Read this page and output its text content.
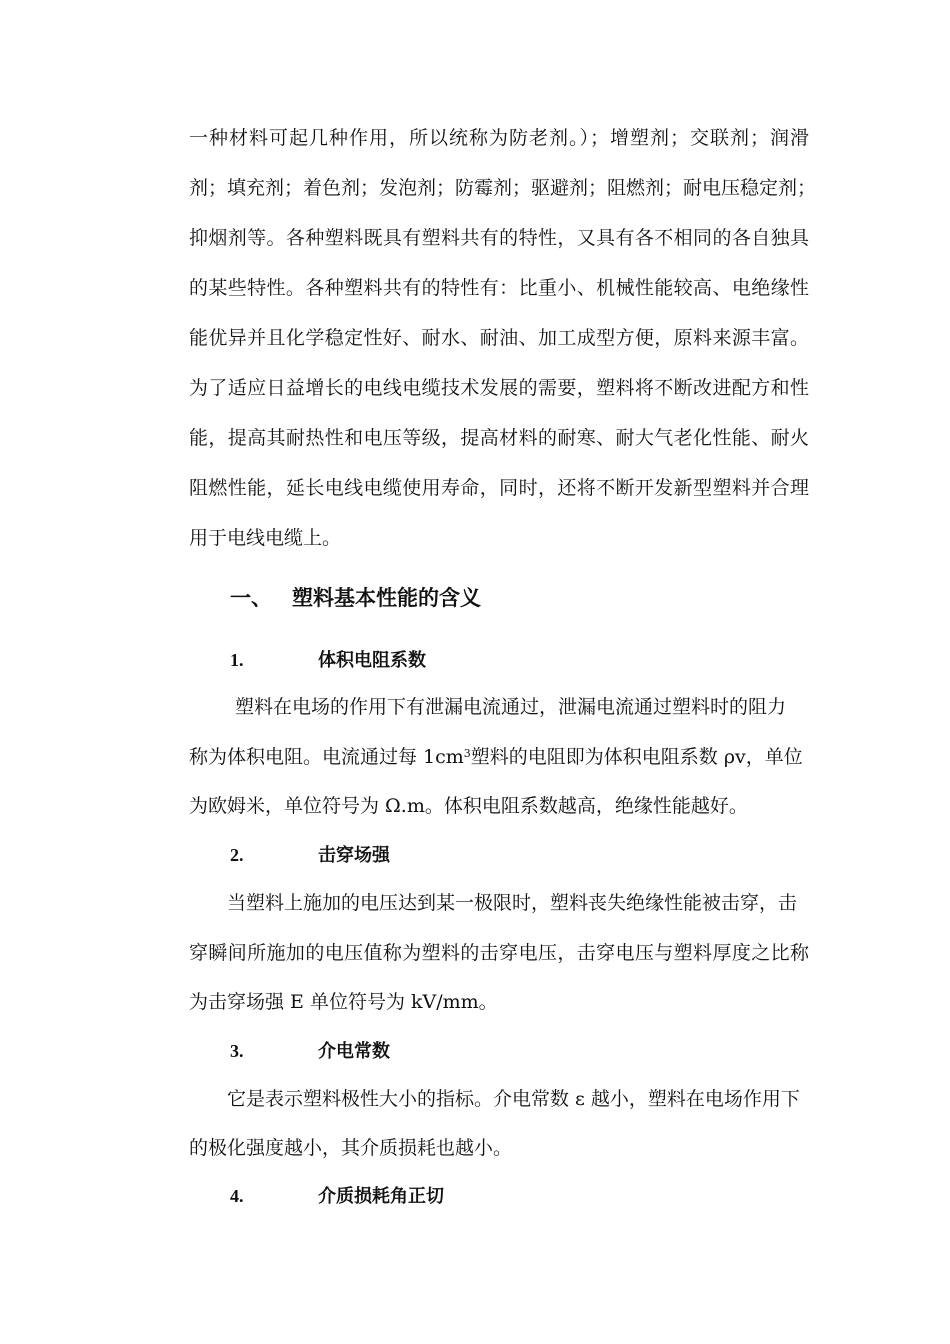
一种材料可起几种作用，所以统称为防老剂。）；增塑剂；交联剂；润滑
剂；填充剂；着色剂；发泡剂；防霉剂；驱避剂；阻燃剂；耐电压稳定剂；
抑烟剂等。各种塑料既具有塑料共有的特性，又具有各不相同的各自独具
的某些特性。各种塑料共有的特性有：比重小、机械性能较高、电绝缘性
能优异并且化学稳定性好、耐水、耐油、加工成型方便，原料来源丰富。
为了适应日益增长的电线电缆技术发展的需要，塑料将不断改进配方和性
能，提高其耐热性和电压等级，提高材料的耐寒、耐大气老化性能、耐火
阻燃性能，延长电线电缆使用寿命，同时，还将不断开发新型塑料并合理
用于电线电缆上。
一、 塑料基本性能的含义
1.	体积电阻系数
塑料在电场的作用下有泄漏电流通过，泄漏电流通过塑料时的阻力
称为体积电阻。电流通过每 $1cm^3$塑料的电阻即为体积电阻系数 ρv，单位
为欧姆米，单位符号为 Ω.m。体积电阻系数越高，绝缘性能越好。
2.	击穿场强
当塑料上施加的电压达到某一极限时，塑料丧失绝缘性能被击穿，击
穿瞬间所施加的电压值称为塑料的击穿电压，击穿电压与塑料厚度之比称
为击穿场强 E 单位符号为 kV/mm。
3.	介电常数
它是表示塑料极性大小的指标。介电常数 ε 越小，塑料在电场作用下
的极化强度越小，其介质损耗也越小。
4.	介质损耗角正切
